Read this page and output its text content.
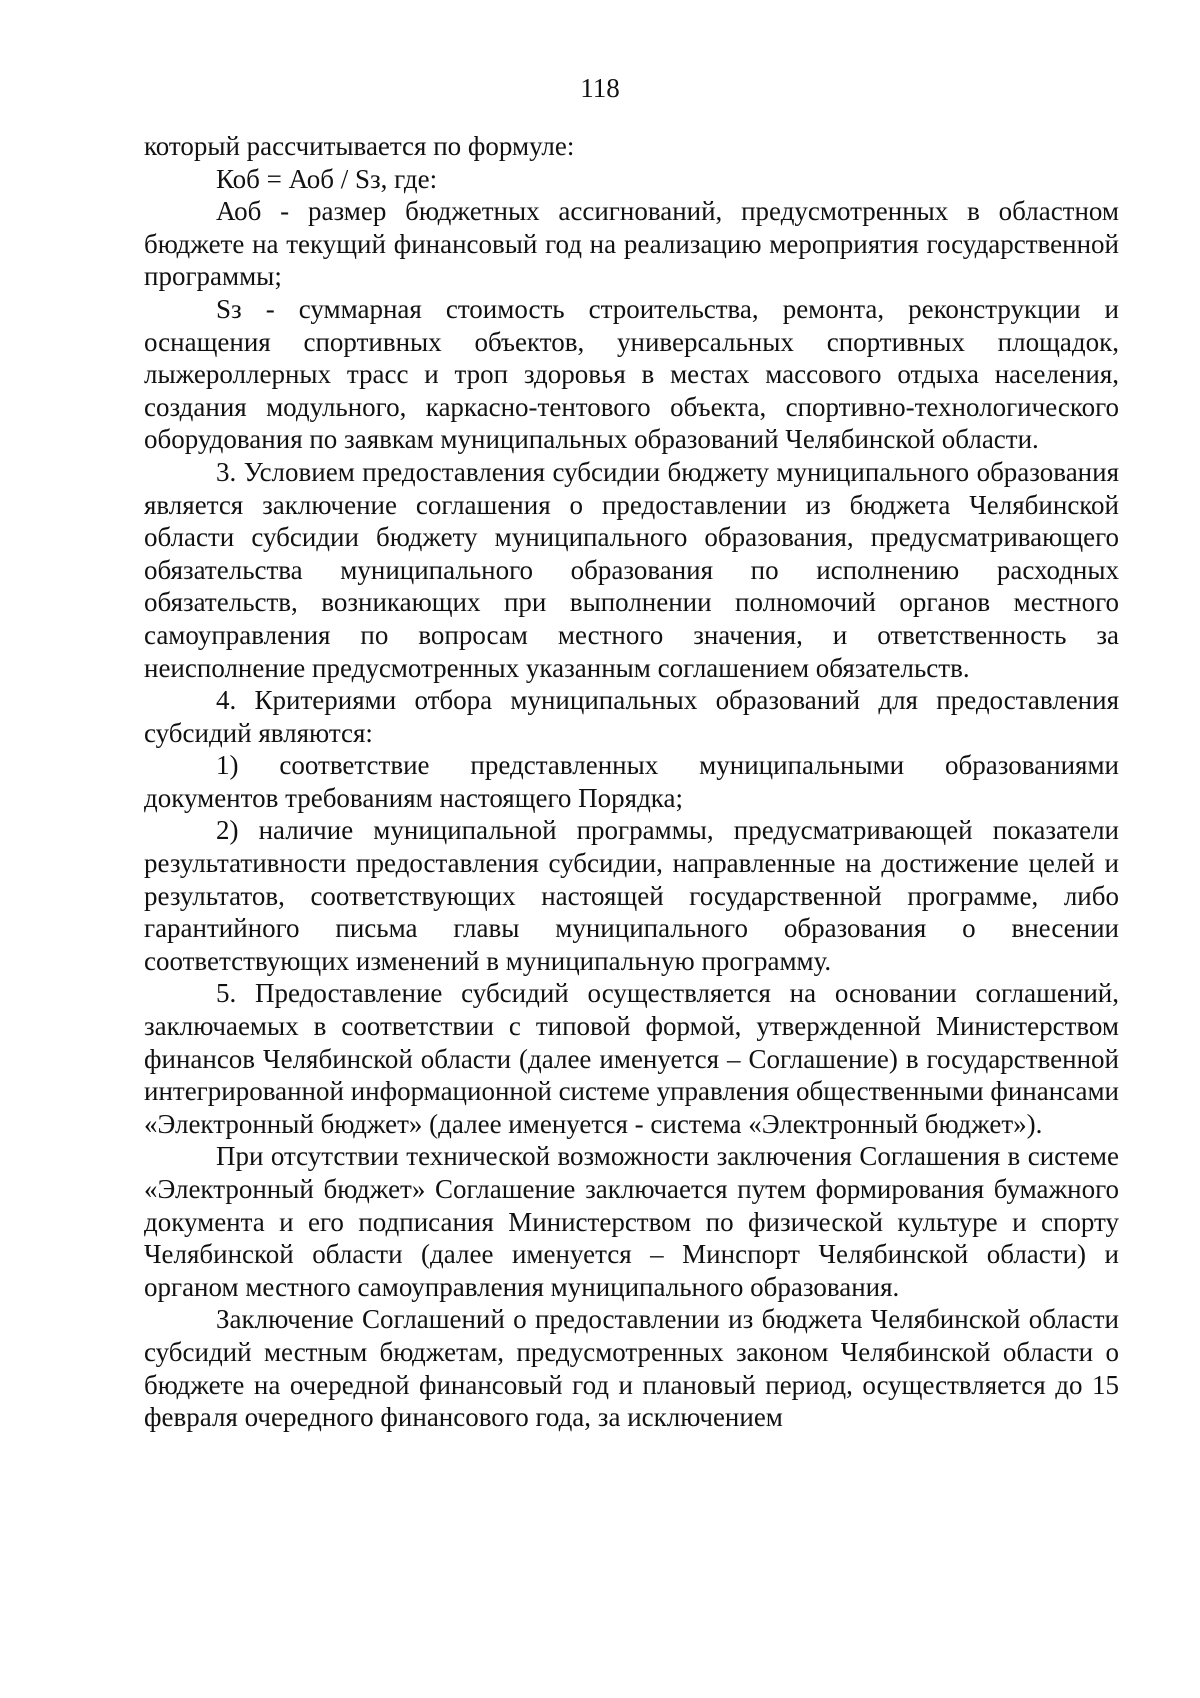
118

который рассчитывается по формуле:

Коб = Аоб / Sз, где:

Аоб - размер бюджетных ассигнований, предусмотренных в областном бюджете на текущий финансовый год на реализацию мероприятия государственной программы;

Sз - суммарная стоимость строительства, ремонта, реконструкции и оснащения спортивных объектов, универсальных спортивных площадок, лыжероллерных трасс и троп здоровья в местах массового отдыха населения, создания модульного, каркасно-тентового объекта, спортивно-технологического оборудования по заявкам муниципальных образований Челябинской области.

3. Условием предоставления субсидии бюджету муниципального образования является заключение соглашения о предоставлении из бюджета Челябинской области субсидии бюджету муниципального образования, предусматривающего обязательства муниципального образования по исполнению расходных обязательств, возникающих при выполнении полномочий органов местного самоуправления по вопросам местного значения, и ответственность за неисполнение предусмотренных указанным соглашением обязательств.

4. Критериями отбора муниципальных образований для предоставления субсидий являются:

1) соответствие представленных муниципальными образованиями документов требованиям настоящего Порядка;

2) наличие муниципальной программы, предусматривающей показатели результативности предоставления субсидии, направленные на достижение целей и результатов, соответствующих настоящей государственной программе, либо гарантийного письма главы муниципального образования о внесении соответствующих изменений в муниципальную программу.

5. Предоставление субсидий осуществляется на основании соглашений, заключаемых в соответствии с типовой формой, утвержденной Министерством финансов Челябинской области (далее именуется – Соглашение) в государственной интегрированной информационной системе управления общественными финансами «Электронный бюджет» (далее именуется - система «Электронный бюджет»).

При отсутствии технической возможности заключения Соглашения в системе «Электронный бюджет» Соглашение заключается путем формирования бумажного документа и его подписания Министерством по физической культуре и спорту Челябинской области (далее именуется – Минспорт Челябинской области) и органом местного самоуправления муниципального образования.

Заключение Соглашений о предоставлении из бюджета Челябинской области субсидий местным бюджетам, предусмотренных законом Челябинской области о бюджете на очередной финансовый год и плановый период, осуществляется до 15 февраля очередного финансового года, за исключением
